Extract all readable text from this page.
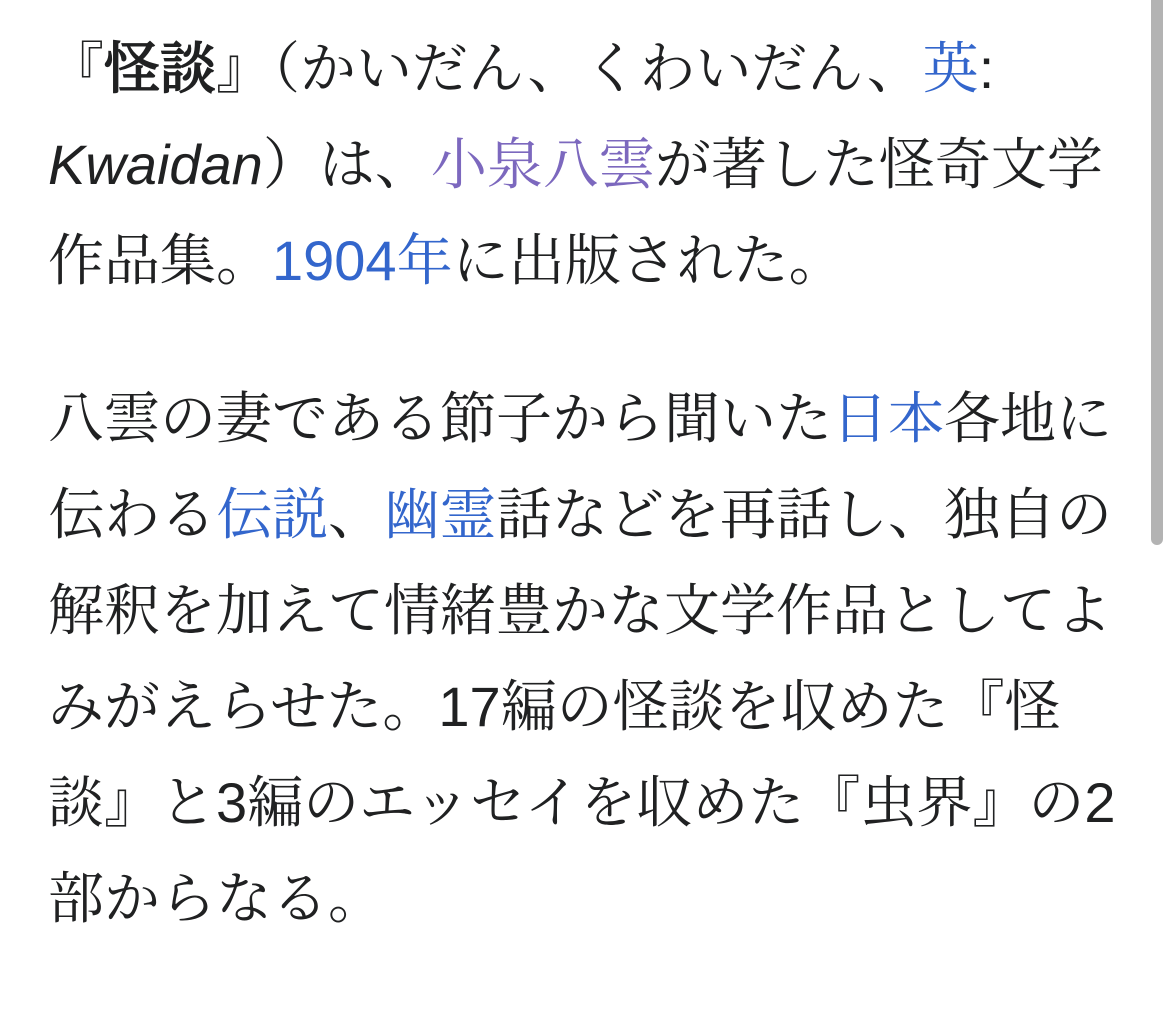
『怪談』（かいだん、くわいだん、英:
Kwaidan）は、小泉八雲が著した怪奇文学
作品集。1904年に出版された。

八雲の妻である節子から聞いた日本各地に
伝わる伝説、幽霊話などを再話し、独自の
解釈を加えて情緒豊かな文学作品としてよ
みがえらせた。17編の怪談を収めた『怪
談』と3編のエッセイを収めた『虫界』の2
部からなる。
